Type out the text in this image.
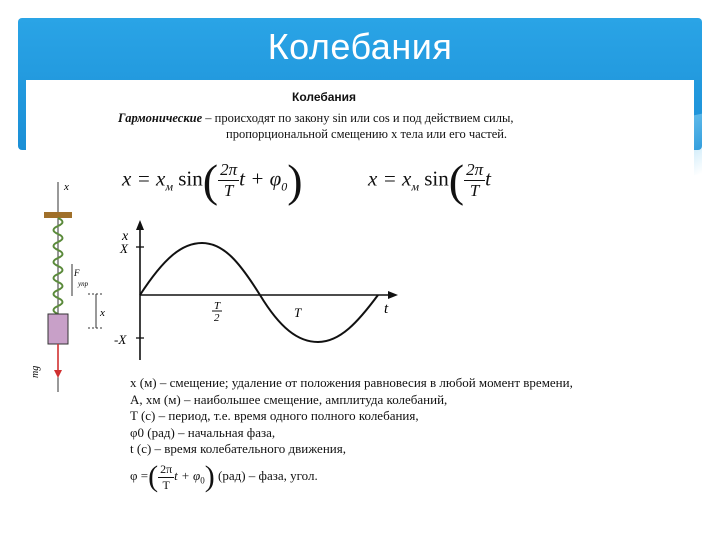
Колебания
Колебания
Гармонические – происходят по закону sin или cos и под действием силы,
пропорциональной смещению x тела или его частей.
$x = x_м$ $\sin( \frac{2\pi}{T}$ $t + \varphi_0$)	$x = x_м$ $\sin( \frac{2\pi}{T}$ t
x
X
-X
t
T
2	T
x
F
упр
x
mg
x (м) – смещение; удаление от положения равновесия в любой момент времени,
A, xм (м) – наибольшее смещение, амплитуда колебаний,
T (с) – период, т.е. время одного полного колебания,
φ0 (рад) – начальная фаза,
t (с) – время колебательного движения,
φ =( $\frac{2\pi}{T}$ $t + \varphi_0$) (рад) – фаза, угол.
